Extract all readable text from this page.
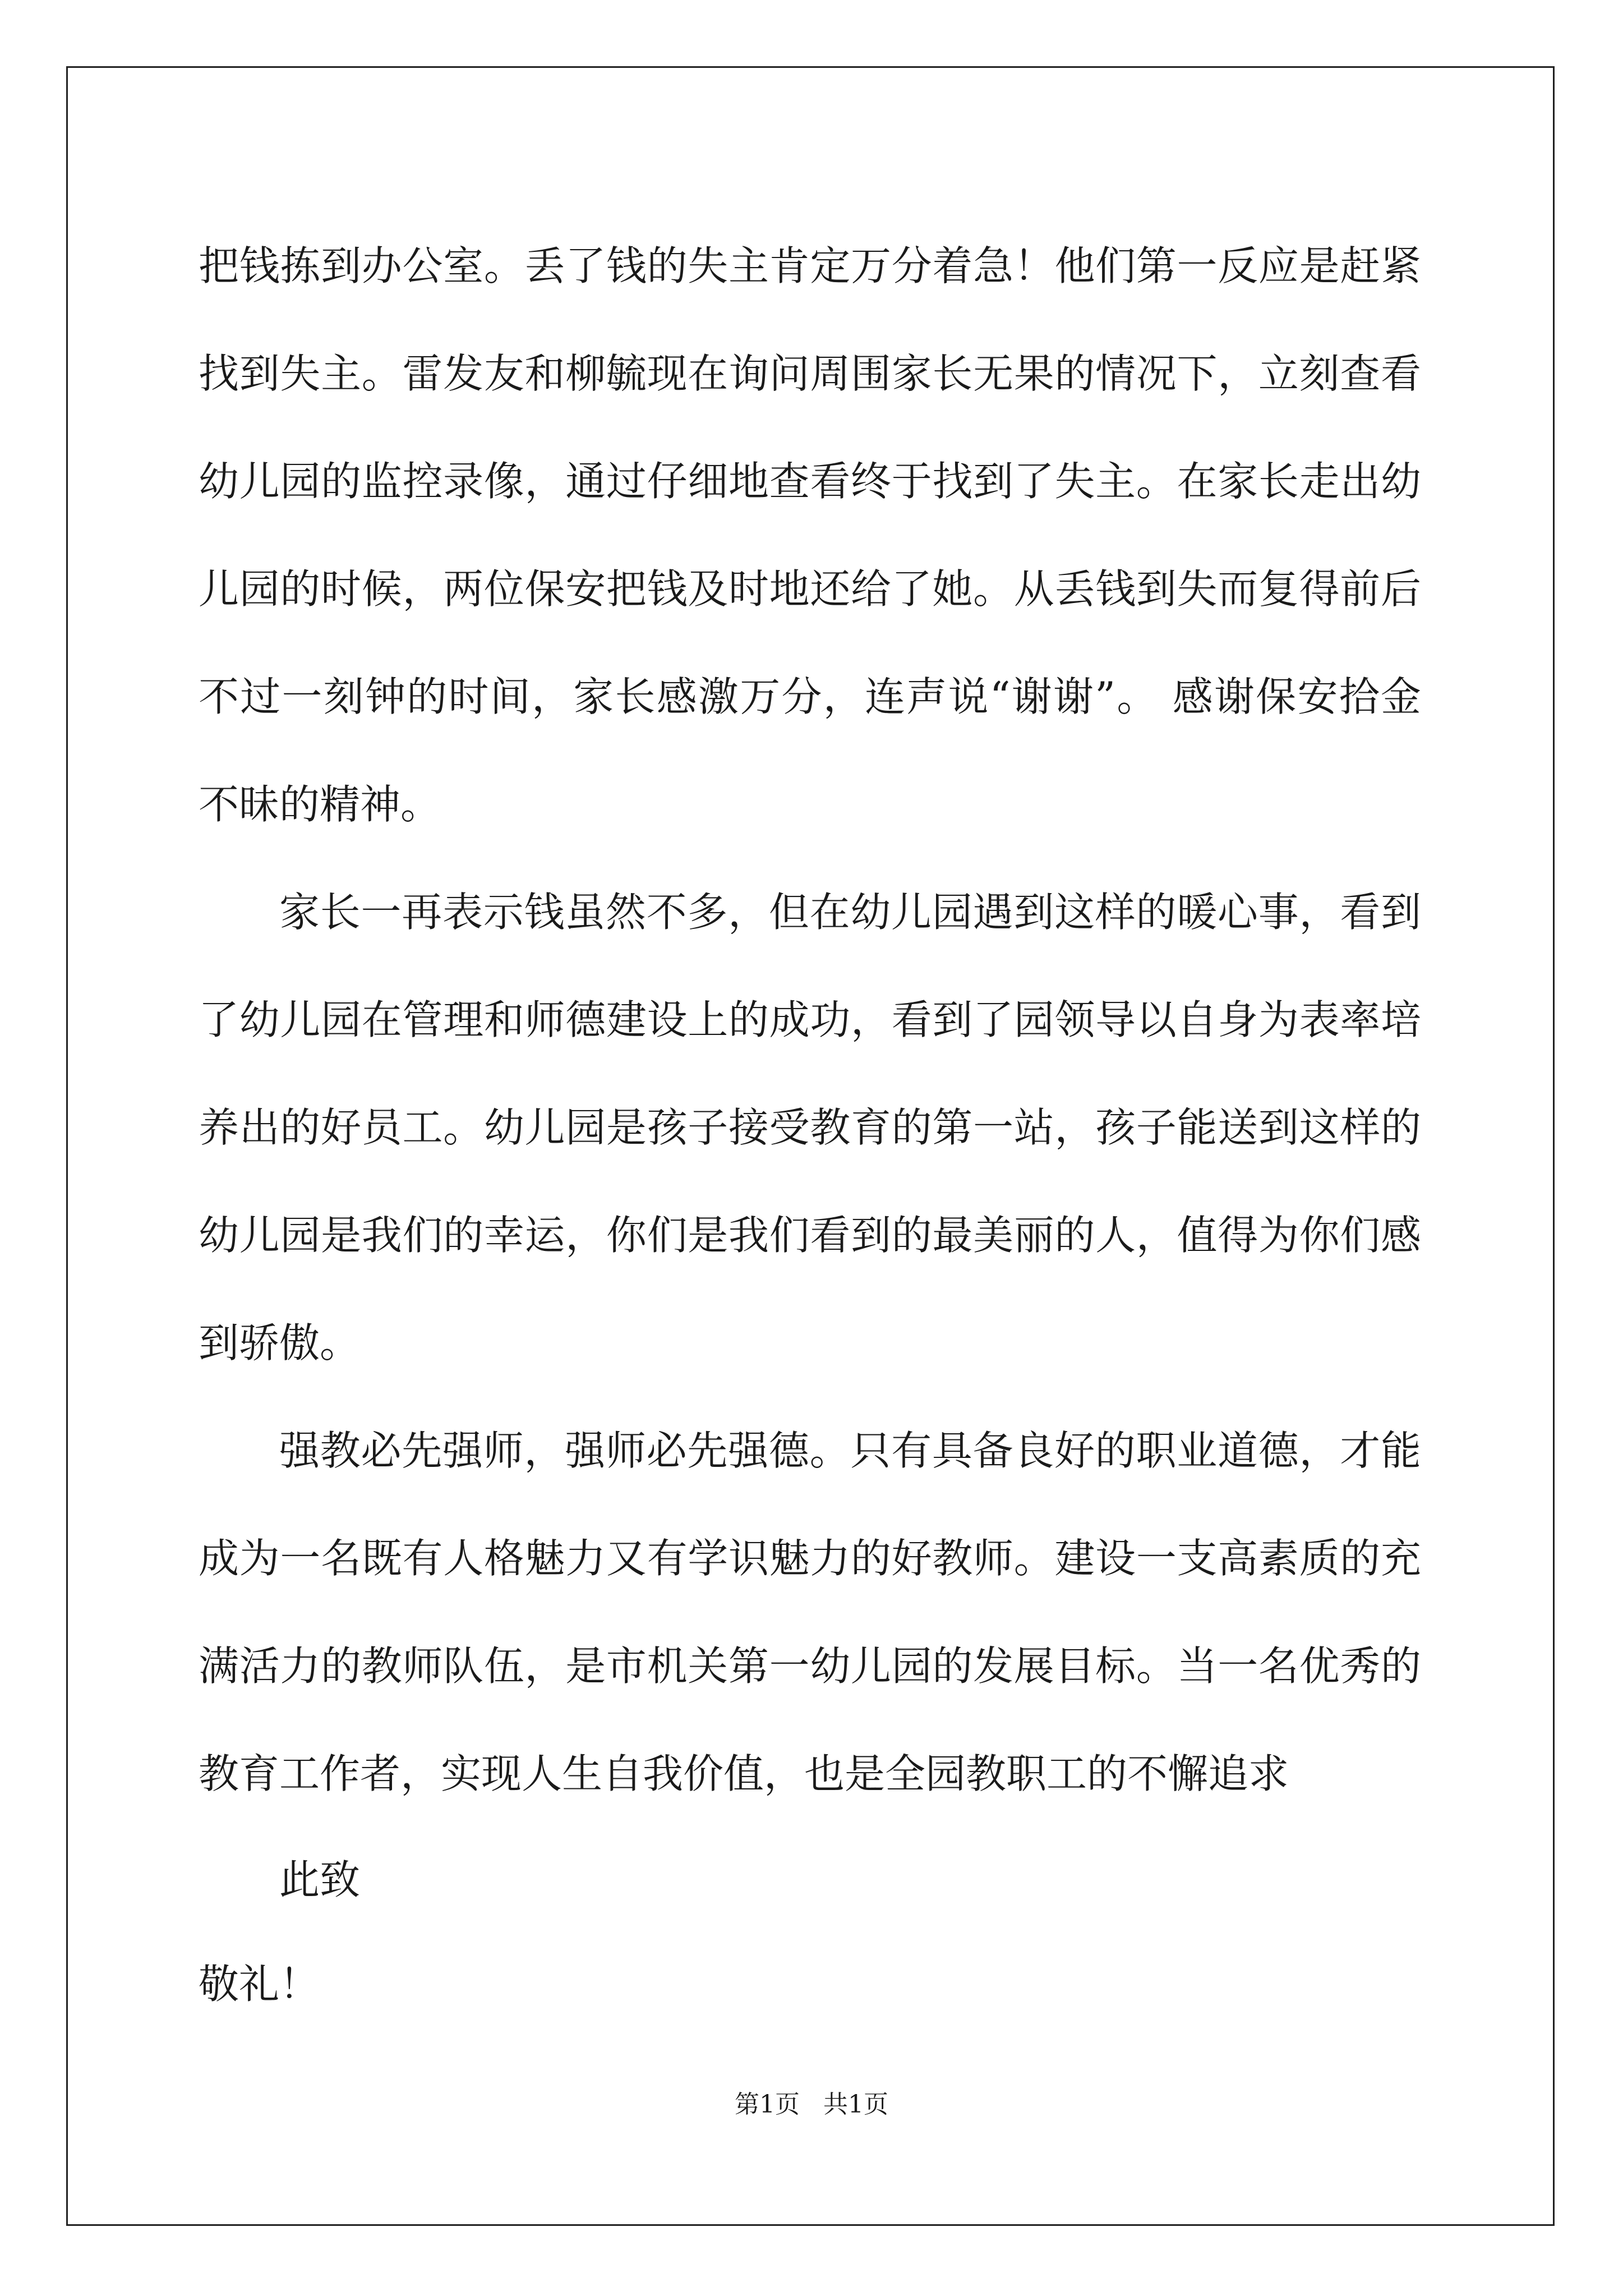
把钱拣到办公室。丢了钱的失主肯定万分着急！他们第一反应是赶紧
找到失主。雷发友和柳毓现在询问周围家长无果的情况下，立刻查看
幼儿园的监控录像，通过仔细地查看终于找到了失主。在家长走出幼
儿园的时候，两位保安把钱及时地还给了她。从丢钱到失而复得前后
不过一刻钟的时间，家长感激万分，连声说“谢谢”。 感谢保安拾金
不昧的精神。
家长一再表示钱虽然不多，但在幼儿园遇到这样的暖心事，看到
了幼儿园在管理和师德建设上的成功，看到了园领导以自身为表率培
养出的好员工。幼儿园是孩子接受教育的第一站，孩子能送到这样的
幼儿园是我们的幸运，你们是我们看到的最美丽的人，值得为你们感
到骄傲。
强教必先强师，强师必先强德。只有具备良好的职业道德，才能
成为一名既有人格魅力又有学识魅力的好教师。建设一支高素质的充
满活力的教师队伍，是市机关第一幼儿园的发展目标。当一名优秀的
教育工作者，实现人生自我价值，也是全园教职工的不懈追求
此致
敬礼！
第1页   共1页
